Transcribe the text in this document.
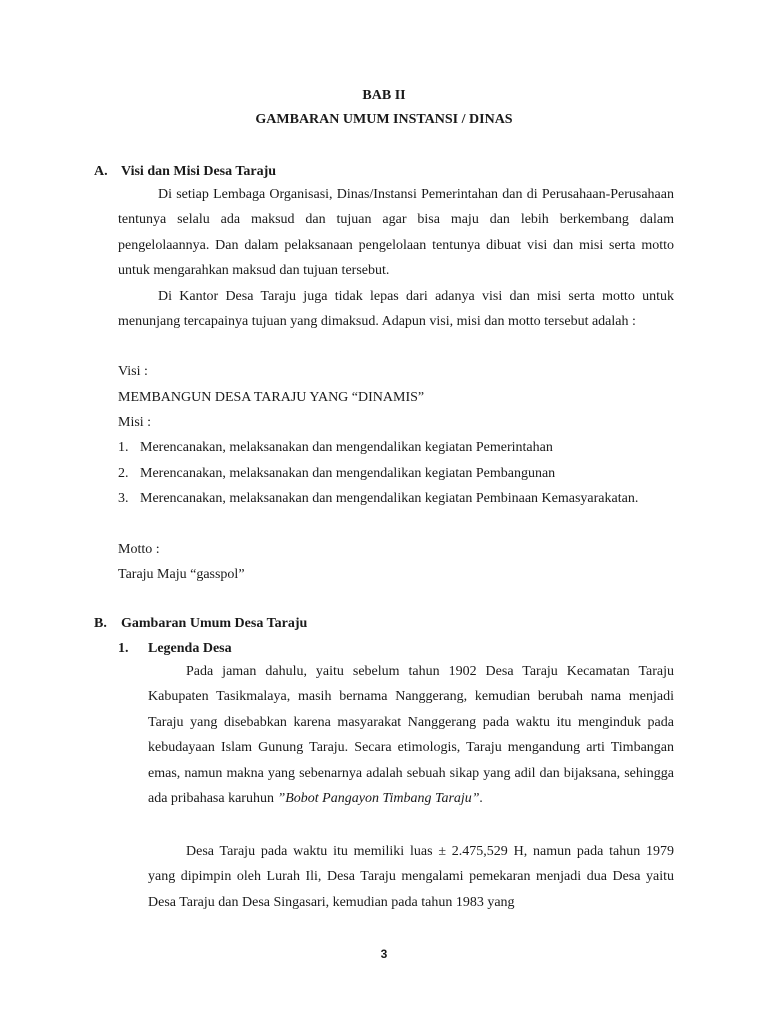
BAB II
GAMBARAN UMUM INSTANSI / DINAS
A. Visi dan Misi Desa Taraju
Di setiap Lembaga Organisasi, Dinas/Instansi Pemerintahan dan di Perusahaan-Perusahaan tentunya selalu ada maksud dan tujuan agar bisa maju dan lebih berkembang dalam pengelolaannya. Dan dalam pelaksanaan pengelolaan tentunya dibuat visi dan misi serta motto untuk mengarahkan maksud dan tujuan tersebut.
Di Kantor Desa Taraju juga tidak lepas dari adanya visi dan misi serta motto untuk menunjang tercapainya tujuan yang dimaksud. Adapun visi, misi dan motto tersebut adalah :
Visi :
MEMBANGUN DESA TARAJU YANG “DINAMIS”
Misi :
1. Merencanakan, melaksanakan dan mengendalikan kegiatan Pemerintahan
2. Merencanakan, melaksanakan dan mengendalikan kegiatan Pembangunan
3. Merencanakan, melaksanakan dan mengendalikan kegiatan Pembinaan Kemasyarakatan.
Motto :
Taraju Maju “gasspol”
B. Gambaran Umum Desa Taraju
1. Legenda Desa
Pada jaman dahulu, yaitu sebelum tahun 1902 Desa Taraju Kecamatan Taraju Kabupaten Tasikmalaya, masih bernama Nanggerang, kemudian berubah nama menjadi Taraju yang disebabkan karena masyarakat Nanggerang pada waktu itu menginduk pada kebudayaan Islam Gunung Taraju. Secara etimologis, Taraju mengandung arti Timbangan emas, namun makna yang sebenarnya adalah sebuah sikap yang adil dan bijaksana, sehingga ada pribahasa karuhun ”Bobot Pangayon Timbang Taraju”.
Desa Taraju pada waktu itu memiliki luas ± 2.475,529 H, namun pada tahun 1979 yang dipimpin oleh Lurah Ili, Desa Taraju mengalami pemekaran menjadi dua Desa yaitu Desa Taraju dan Desa Singasari, kemudian pada tahun 1983 yang
3
